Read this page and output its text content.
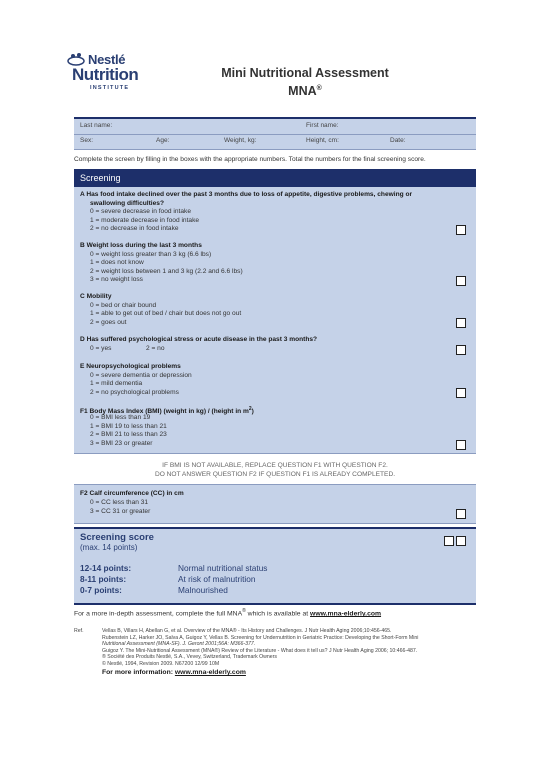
Nestlé
Nutrition
INSTITUTE
Mini Nutritional Assessment
MNA®
Last name:	First name:
Sex:	Age:	Weight, kg:	Height, cm:	Date:
Complete the screen by filling in the boxes with the appropriate numbers. Total the numbers for the final screening score.
Screening
A Has food intake declined over the past 3 months due to loss of appetite, digestive problems, chewing or
swallowing difficulties?
0 = severe decrease in food intake
1 = moderate decrease in food intake
2 = no decrease in food intake
B Weight loss during the last 3 months
0 = weight loss greater than 3 kg (6.6 lbs)
1 = does not know
2 = weight loss between 1 and 3 kg (2.2 and 6.6 lbs)
3 = no weight loss
C Mobility
0 = bed or chair bound
1 = able to get out of bed / chair but does not go out
2 = goes out
D Has suffered psychological stress or acute disease in the past 3 months?
0 = yes	2 = no
E Neuropsychological problems
0 = severe dementia or depression
1 = mild dementia
2 = no psychological problems
F1 Body Mass Index (BMI) (weight in kg) / (height in $m^2$)
0 = BMI less than 19
1 = BMI 19 to less than 21
2 = BMI 21 to less than 23
3 = BMI 23 or greater
IF BMI IS NOT AVAILABLE, REPLACE QUESTION F1 WITH QUESTION F2.
DO NOT ANSWER QUESTION F2 IF QUESTION F1 IS ALREADY COMPLETED.
F2 Calf circumference (CC) in cm
0 = CC less than 31
3 = CC 31 or greater
Screening score
(max. 14 points)
12-14 points:	Normal nutritional status
8-11 points:	At risk of malnutrition
0-7 points:	Malnourished
For a more in-depth assessment, complete the full MNA® which is available at www.mna-elderly.com
Ref.	Vellas B, Villars H, Abellan G, et al. Overview of the MNA® - Its History and Challenges. J Nutr Health Aging 2006;10:456-465.
Rubenstein LZ, Harker JO, Salva A, Guigoz Y, Vellas B. Screening for Undernutrition in Geriatric Practice: Developing the Short-Form Mini
Nutritional Assessment (MNA-SF). J. Geront 2001;56A: M366-377.
Guigoz Y. The Mini-Nutritional Assessment (MNA®) Review of the Literature - What does it tell us? J Nutr Health Aging 2006; 10:466-487.
® Société des Produits Nestlé, S.A., Vevey, Switzerland, Trademark Owners
© Nestlé, 1994, Revision 2009. N67200 12/99 10M
For more information: www.mna-elderly.com
